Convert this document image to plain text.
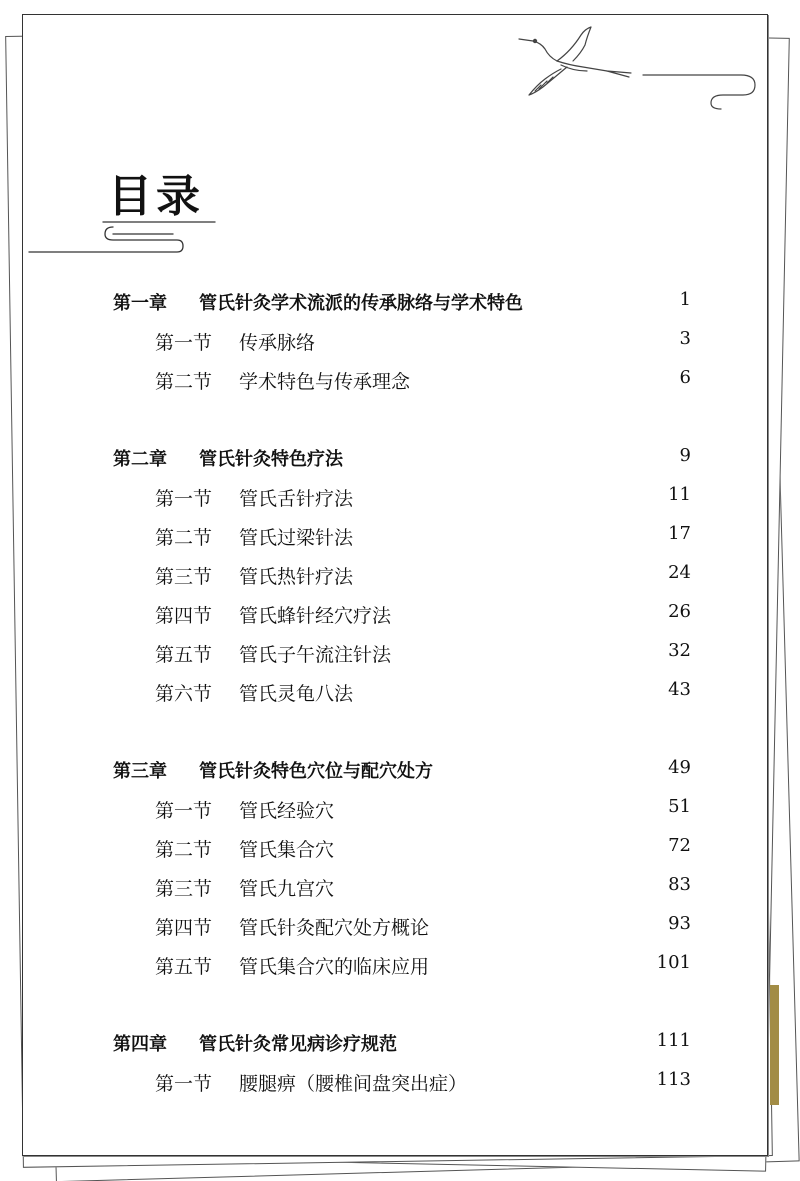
目录
第一章 管氏针灸学术流派的传承脉络与学术特色	1
第一节 传承脉络	3
第二节 学术特色与传承理念	6
第二章 管氏针灸特色疗法	9
第一节 管氏舌针疗法	11
第二节 管氏过梁针法	17
第三节 管氏热针疗法	24
第四节 管氏蜂针经穴疗法	26
第五节 管氏子午流注针法	32
第六节 管氏灵龟八法	43
第三章 管氏针灸特色穴位与配穴处方	49
第一节 管氏经验穴	51
第二节 管氏集合穴	72
第三节 管氏九宫穴	83
第四节 管氏针灸配穴处方概论	93
第五节 管氏集合穴的临床应用	101
第四章 管氏针灸常见病诊疗规范	111
第一节 腰腿痹（腰椎间盘突出症）	113
